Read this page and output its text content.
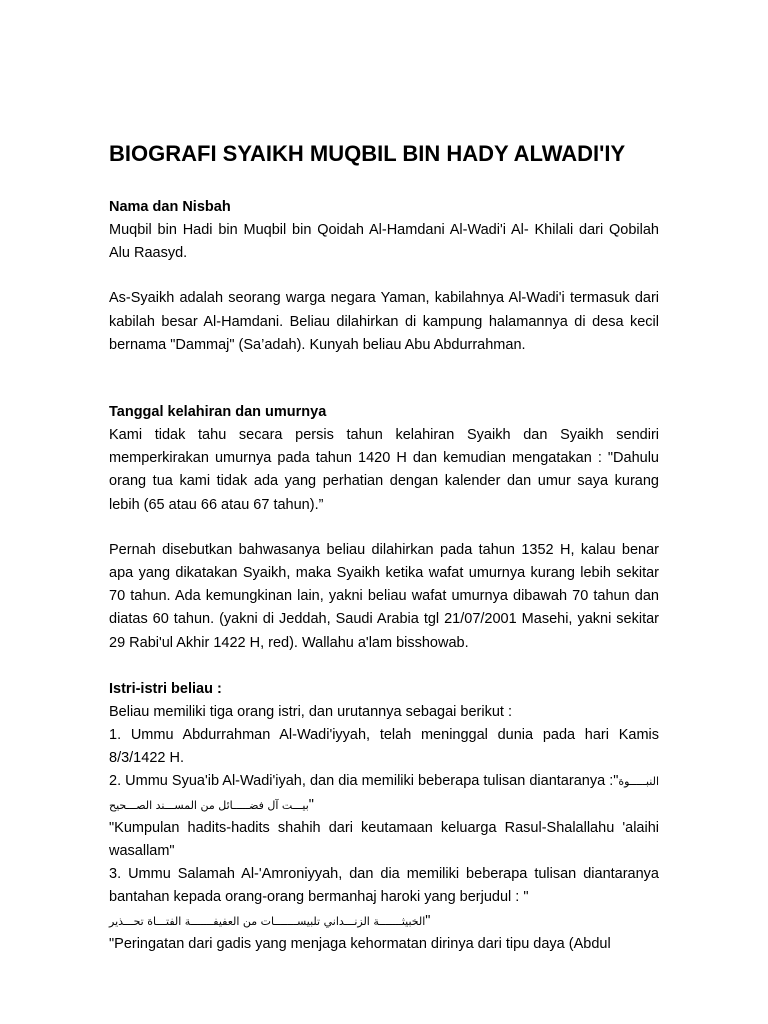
BIOGRAFI SYAIKH MUQBIL BIN HADY ALWADI'IY
Nama dan Nisbah

Muqbil bin Hadi bin Muqbil bin Qoidah Al-Hamdani Al-Wadi'i Al- Khilali dari Qobilah Alu Raasyd.

As-Syaikh adalah seorang warga negara Yaman, kabilahnya Al-Wadi'i termasuk dari kabilah besar Al-Hamdani. Beliau dilahirkan di kampung halamannya di desa kecil bernama "Dammaj" (Sa’adah). Kunyah beliau Abu Abdurrahman.

Tanggal kelahiran dan umurnya

Kami tidak tahu secara persis tahun kelahiran Syaikh dan Syaikh sendiri memperkirakan umurnya pada tahun 1420 H dan kemudian mengatakan : "Dahulu orang tua kami tidak ada yang perhatian dengan kalender dan umur saya kurang lebih (65 atau 66 atau 67 tahun).”

Pernah disebutkan bahwasanya beliau dilahirkan pada tahun 1352 H, kalau benar apa yang dikatakan Syaikh, maka Syaikh ketika wafat umurnya kurang lebih sekitar 70 tahun. Ada kemungkinan lain, yakni beliau wafat umurnya dibawah 70 tahun dan diatas 60 tahun. (yakni di Jeddah, Saudi Arabia tgl 21/07/2001 Masehi, yakni sekitar 29 Rabi'ul Akhir 1422 H, red). Wallahu a'lam bisshowab.

Istri-istri beliau :

Beliau memiliki tiga orang istri, dan urutannya sebagai berikut :

1. Ummu Abdurrahman Al-Wadi'iyyah, telah meninggal dunia pada hari Kamis 8/3/1422 H.

2. Ummu Syua'ib Al-Wadi'iyah, dan dia memiliki beberapa tulisan diantaranya :"النبـــــوة بيـــت آل فضـــــائل من المســـند الصـــحيح"

"Kumpulan hadits-hadits shahih dari keutamaan keluarga Rasul-Shalallahu 'alaihi wasallam"

3. Ummu Salamah Al-'Amroniyyah, dan dia memiliki beberapa tulisan diantaranya bantahan kepada orang-orang bermanhaj haroki yang berjudul : "
الخبيثـــــــة الزنـــداني تلبيســـــــات من العفيفـــــــة الفتـــاة تحـــذير"

"Peringatan dari gadis yang menjaga kehormatan dirinya dari tipu daya (Abdul
